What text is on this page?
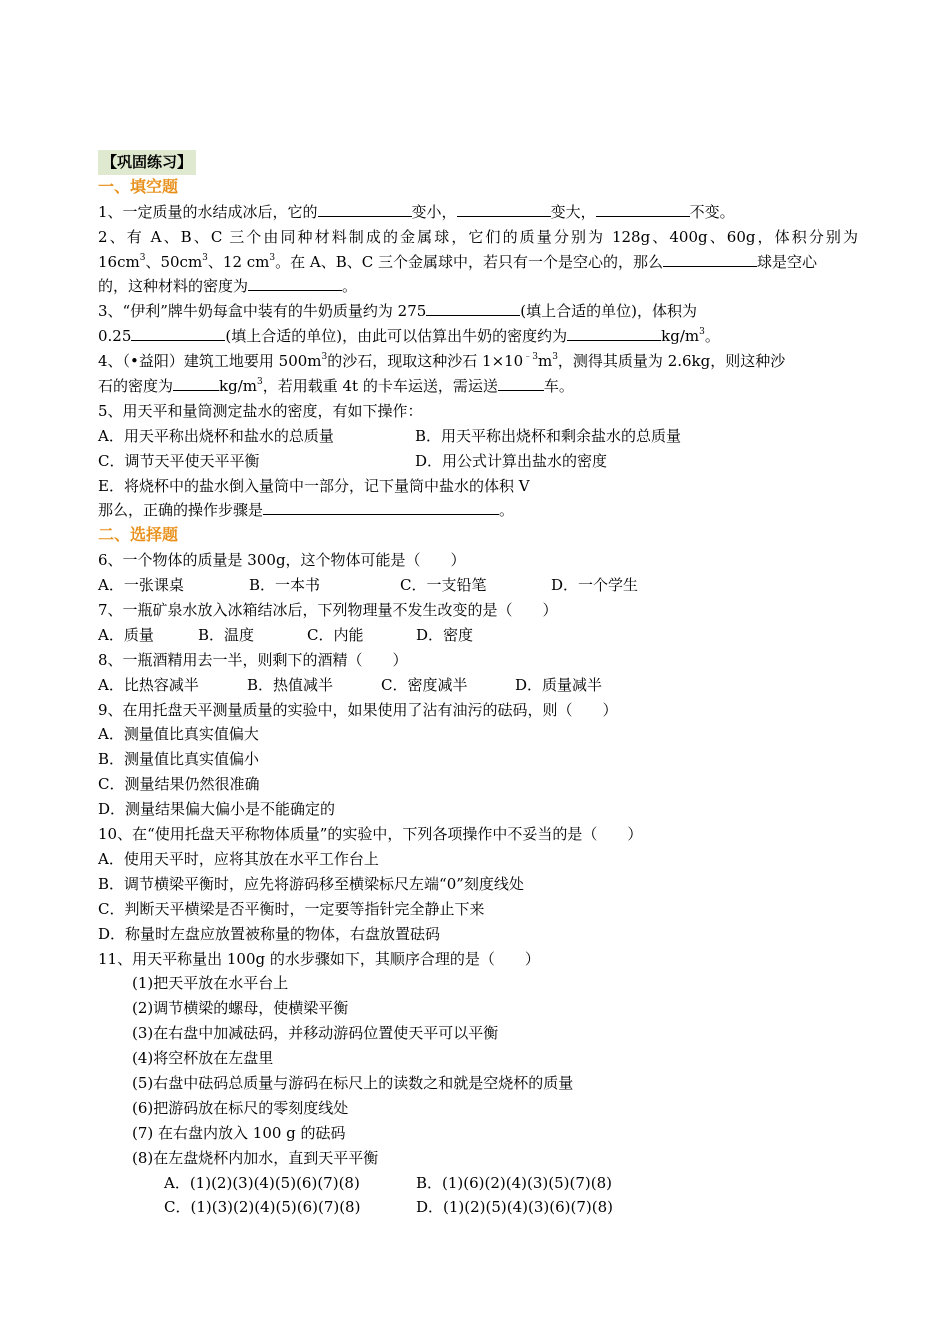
【巩固练习】
一、填空题
1、一定质量的水结成冰后，它的	变小，	变大，	不变。
2、有 A、B、C 三个由同种材料制成的金属球，它们的质量分别为 128g、400g、60g，体积分别为
$16cm^3$、$50cm^3$、12 $cm^3$。在 A、B、C 三个金属球中，若只有一个是空心的，那么	球是空心
的，这种材料的密度为	。
3、“伊利”牌牛奶每盒中装有的牛奶质量约为 275	(填上合适的单位)，体积为
0.25	(填上合适的单位)，由此可以估算出牛奶的密度约为	$kg/m^3$。
4、（•益阳）建筑工地要用 $500m^3$的沙石，现取这种沙石 $1\times 10^{﹣3}m^3$，测得其质量为 2.6kg，则这种沙
石的密度为	$kg/m^3$，若用载重 4t 的卡车运送，需运送	车。
5、用天平和量筒测定盐水的密度，有如下操作：
A．用天平称出烧杯和盐水的总质量	B．用天平称出烧杯和剩余盐水的总质量
C．调节天平使天平平衡	D．用公式计算出盐水的密度
E．将烧杯中的盐水倒入量筒中一部分，记下量筒中盐水的体积 V
那么，正确的操作步骤是	。
二、选择题
6、一个物体的质量是 300g，这个物体可能是（　　）
A．一张课桌	B．一本书	C．一支铅笔	D．一个学生
7、一瓶矿泉水放入冰箱结冰后，下列物理量不发生改变的是（　　）
A．质量	B．温度	C．内能	D．密度
8、一瓶酒精用去一半，则剩下的酒精（　　）
A．比热容减半	B．热值减半	C．密度减半	D．质量减半
9、在用托盘天平测量质量的实验中，如果使用了沾有油污的砝码，则（　　）
A．测量值比真实值偏大
B．测量值比真实值偏小
C．测量结果仍然很准确
D．测量结果偏大偏小是不能确定的
10、在“使用托盘天平称物体质量”的实验中，下列各项操作中不妥当的是（　　）
A．使用天平时，应将其放在水平工作台上
B．调节横梁平衡时，应先将游码移至横梁标尺左端“0”刻度线处
C．判断天平横梁是否平衡时，一定要等指针完全静止下来
D．称量时左盘应放置被称量的物体，右盘放置砝码
11、用天平称量出 100g 的水步骤如下，其顺序合理的是（　　）
(1)把天平放在水平台上
(2)调节横梁的螺母，使横梁平衡
(3)在右盘中加减砝码，并移动游码位置使天平可以平衡
(4)将空杯放在左盘里
(5)右盘中砝码总质量与游码在标尺上的读数之和就是空烧杯的质量
(6)把游码放在标尺的零刻度线处
(7) 在右盘内放入 100 g 的砝码
(8)在左盘烧杯内加水，直到天平平衡
A．(1)(2)(3)(4)(5)(6)(7)(8)	B．(1)(6)(2)(4)(3)(5)(7)(8)
C．(1)(3)(2)(4)(5)(6)(7)(8)	D．(1)(2)(5)(4)(3)(6)(7)(8)
